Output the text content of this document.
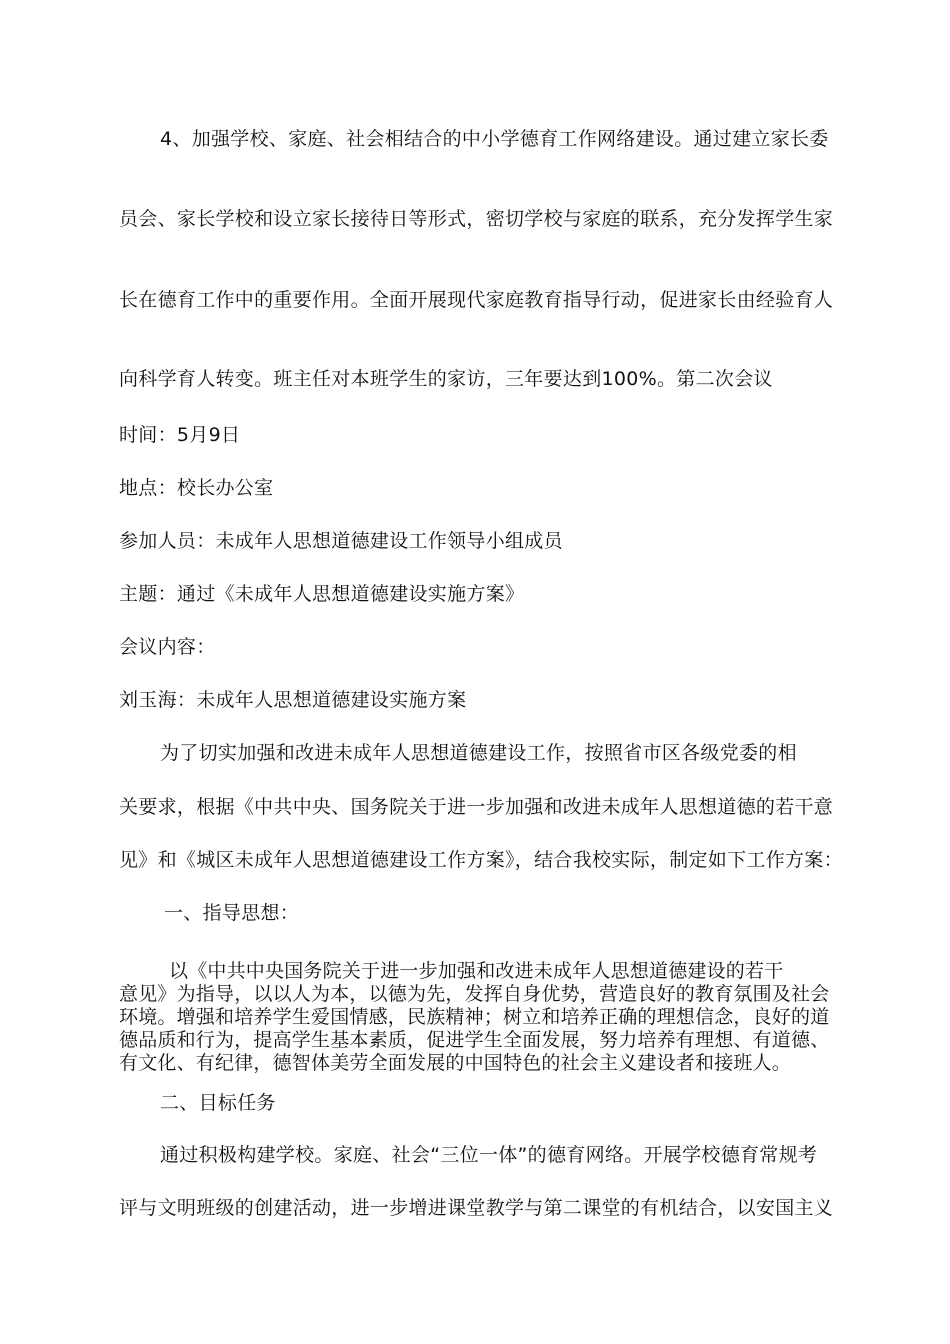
4、加强学校、家庭、社会相结合的中小学德育工作网络建设。通过建立家长委
员会、家长学校和设立家长接待日等形式，密切学校与家庭的联系，充分发挥学生家
长在德育工作中的重要作用。全面开展现代家庭教育指导行动，促进家长由经验育人
向科学育人转变。班主任对本班学生的家访，三年要达到100%。第二次会议
时间：5月9日
地点：校长办公室
参加人员：未成年人思想道德建设工作领导小组成员
主题：通过《未成年人思想道德建设实施方案》
会议内容：
刘玉海：未成年人思想道德建设实施方案
为了切实加强和改进未成年人思想道德建设工作，按照省市区各级党委的相
关要求，根据《中共中央、国务院关于进一步加强和改进未成年人思想道德的若干意
见》和《城区未成年人思想道德建设工作方案》，结合我校实际，制定如下工作方案：
一、指导思想：
以《中共中央国务院关于进一步加强和改进未成年人思想道德建设的若干
意见》为指导，以以人为本，以德为先，发挥自身优势，营造良好的教育氛围及社会
环境。增强和培养学生爱国情感，民族精神；树立和培养正确的理想信念，良好的道
德品质和行为，提高学生基本素质，促进学生全面发展，努力培养有理想、有道德、
有文化、有纪律，德智体美劳全面发展的中国特色的社会主义建设者和接班人。
二、目标任务
通过积极构建学校。家庭、社会“三位一体”的德育网络。开展学校德育常规考
评与文明班级的创建活动，进一步增进课堂教学与第二课堂的有机结合，以安国主义
